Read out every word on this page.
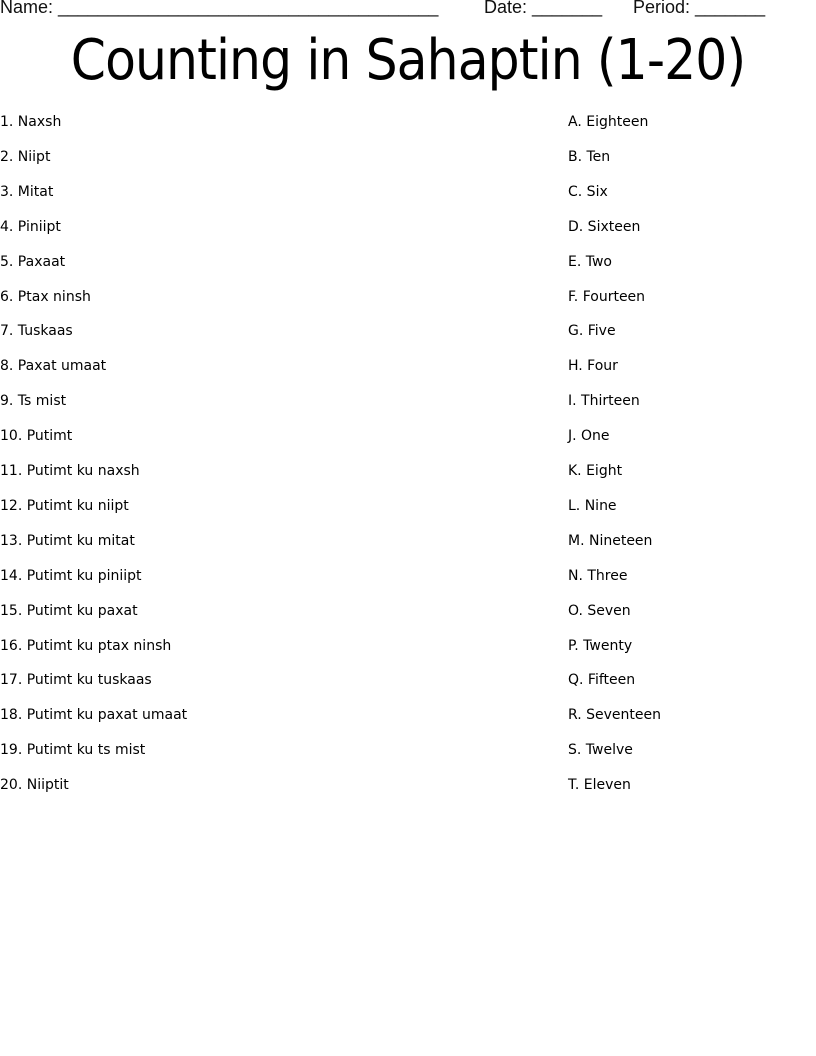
Name: ______________________________________	Date: _______ Period: _______
Counting in Sahaptin (1-20)
1. Naxsh	A. Eighteen
2. Niipt	B. Ten
3. Mitat	C. Six
4. Piniipt	D. Sixteen
5. Paxaat	E. Two
6. Ptax ninsh	F. Fourteen
7. Tuskaas	G. Five
8. Paxat umaat	H. Four
9. Ts mist	I. Thirteen
10. Putimt	J. One
11. Putimt ku naxsh	K. Eight
12. Putimt ku niipt	L. Nine
13. Putimt ku mitat	M. Nineteen
14. Putimt ku piniipt	N. Three
15. Putimt ku paxat	O. Seven
16. Putimt ku ptax ninsh	P. Twenty
17. Putimt ku tuskaas	Q. Fifteen
18. Putimt ku paxat umaat	R. Seventeen
19. Putimt ku ts mist	S. Twelve
20. Niiptit	T. Eleven
